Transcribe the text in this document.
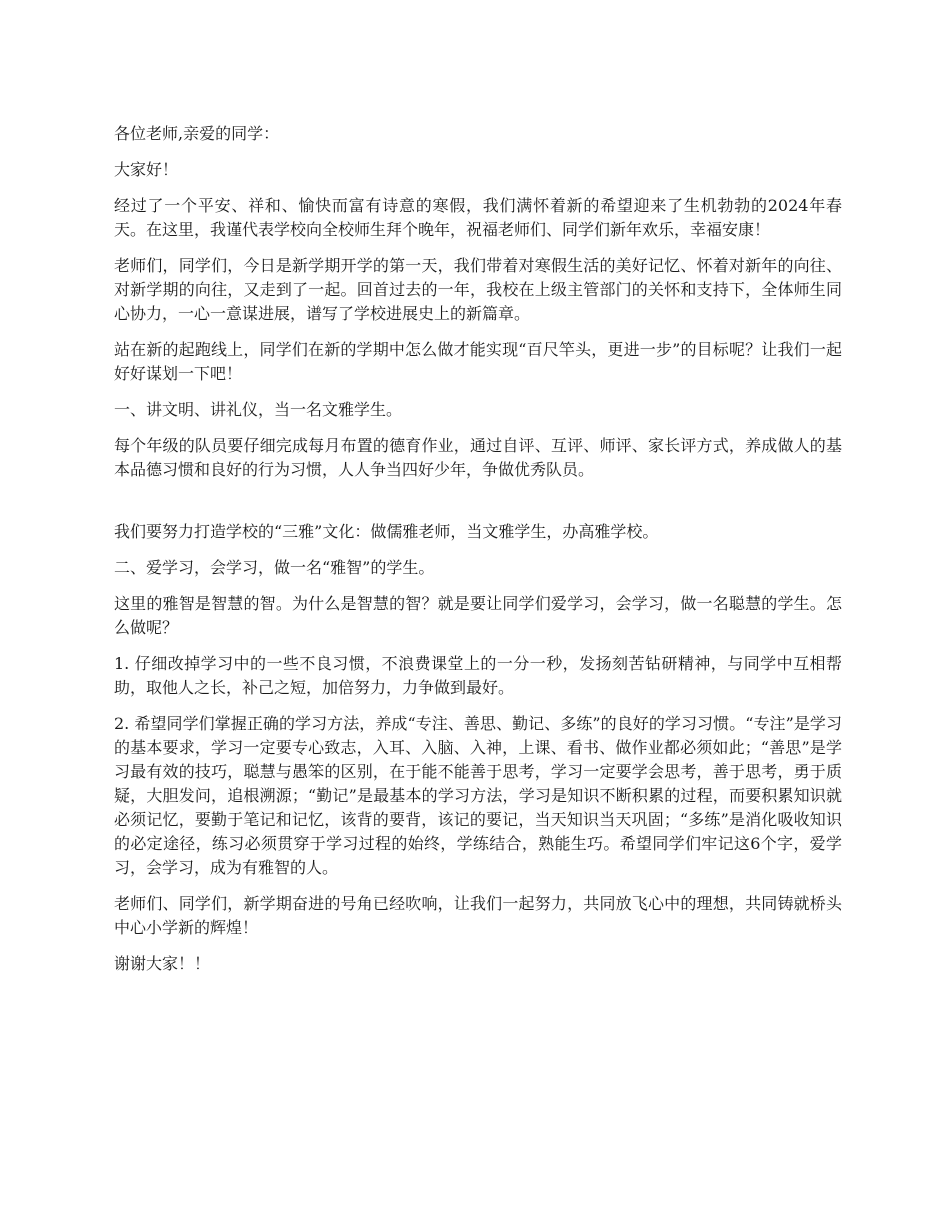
各位老师,亲爱的同学：

大家好！

经过了一个平安、祥和、愉快而富有诗意的寒假，我们满怀着新的希望迎来了生机勃勃的2024年春天。在这里，我谨代表学校向全校师生拜个晚年，祝福老师们、同学们新年欢乐，幸福安康！

老师们，同学们，今日是新学期开学的第一天，我们带着对寒假生活的美好记忆、怀着对新年的向往、对新学期的向往，又走到了一起。回首过去的一年，我校在上级主管部门的关怀和支持下，全体师生同心协力，一心一意谋进展，谱写了学校进展史上的新篇章。

站在新的起跑线上，同学们在新的学期中怎么做才能实现“百尺竿头，更进一步”的目标呢？让我们一起好好谋划一下吧！

一、讲文明、讲礼仪，当一名文雅学生。

每个年级的队员要仔细完成每月布置的德育作业，通过自评、互评、师评、家长评方式，养成做人的基本品德习惯和良好的行为习惯，人人争当四好少年，争做优秀队员。

我们要努力打造学校的“三雅”文化：做儒雅老师，当文雅学生，办高雅学校。

二、爱学习，会学习，做一名“雅智”的学生。

这里的雅智是智慧的智。为什么是智慧的智？就是要让同学们爱学习，会学习，做一名聪慧的学生。怎么做呢？

1. 仔细改掉学习中的一些不良习惯，不浪费课堂上的一分一秒，发扬刻苦钻研精神，与同学中互相帮助，取他人之长，补己之短，加倍努力，力争做到最好。

2. 希望同学们掌握正确的学习方法，养成“专注、善思、勤记、多练”的良好的学习习惯。“专注”是学习的基本要求，学习一定要专心致志，入耳、入脑、入神，上课、看书、做作业都必须如此；“善思”是学习最有效的技巧，聪慧与愚笨的区别，在于能不能善于思考，学习一定要学会思考，善于思考，勇于质疑，大胆发问，追根溯源；“勤记”是最基本的学习方法，学习是知识不断积累的过程，而要积累知识就必须记忆，要勤于笔记和记忆，该背的要背，该记的要记，当天知识当天巩固；“多练”是消化吸收知识的必定途径，练习必须贯穿于学习过程的始终，学练结合，熟能生巧。希望同学们牢记这6个字，爱学习，会学习，成为有雅智的人。

老师们、同学们，新学期奋进的号角已经吹响，让我们一起努力，共同放飞心中的理想，共同铸就桥头中心小学新的辉煌！

谢谢大家！！
